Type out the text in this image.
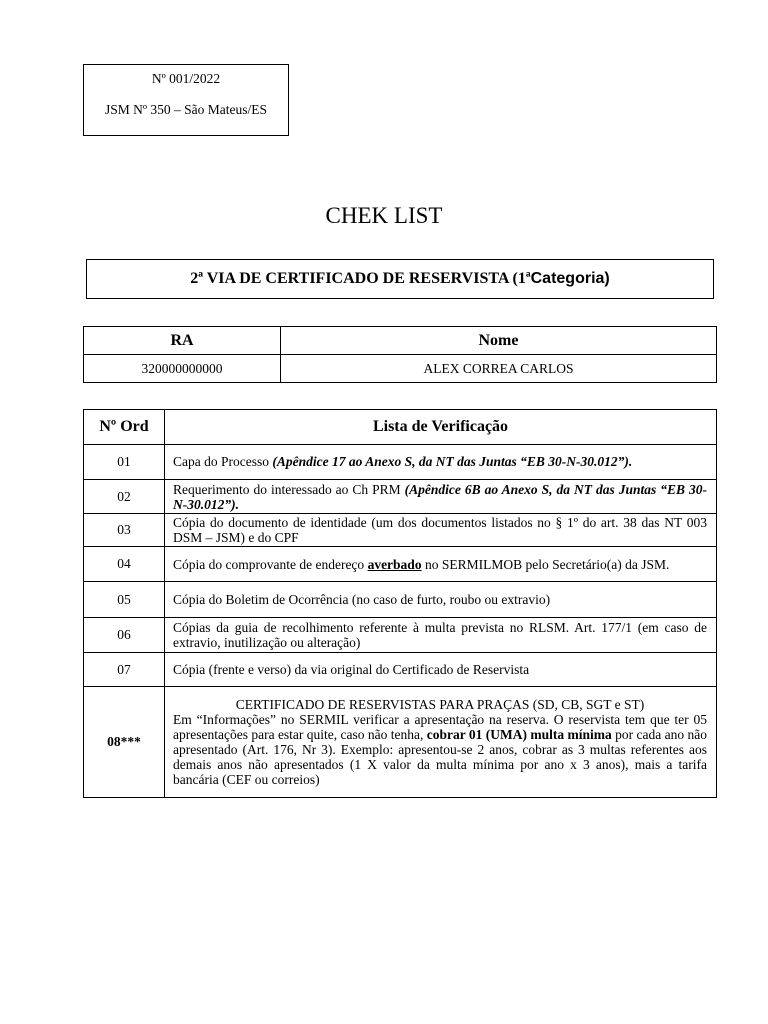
Nº 001/2022
JSM Nº 350 – São Mateus/ES
CHEK LIST
2ª VIA DE CERTIFICADO DE RESERVISTA (1ª Categoria)
RA	Nome
320000000000	ALEX CORREA CARLOS
Nº Ord	Lista de Verificação
01	Capa do Processo (Apêndice 17 ao Anexo S, da NT das Juntas “EB 30-N-30.012”).
02	Requerimento do interessado ao Ch PRM (Apêndice 6B ao Anexo S, da NT das Juntas “EB 30-N-30.012”).
03	Cópia do documento de identidade (um dos documentos listados no § 1º do art. 38 das NT 003 DSM – JSM) e do CPF
04	Cópia do comprovante de endereço averbado no SERMILMOB pelo Secretário(a) da JSM.
05	Cópia do Boletim de Ocorrência (no caso de furto, roubo ou extravio)
06	Cópias da guia de recolhimento referente à multa prevista no RLSM. Art. 177/1 (em caso de extravio, inutilização ou alteração)
07	Cópia (frente e verso) da via original do Certificado de Reservista
08***	CERTIFICADO DE RESERVISTAS PARA PRAÇAS (SD, CB, SGT e ST)
Em “Informações” no SERMIL verificar a apresentação na reserva. O reservista tem que ter 05 apresentações para estar quite, caso não tenha, cobrar 01 (UMA) multa mínima por cada ano não apresentado (Art. 176, Nr 3). Exemplo: apresentou-se 2 anos, cobrar as 3 multas referentes aos demais anos não apresentados (1 X valor da multa mínima por ano x 3 anos), mais a tarifa bancária (CEF ou correios)
